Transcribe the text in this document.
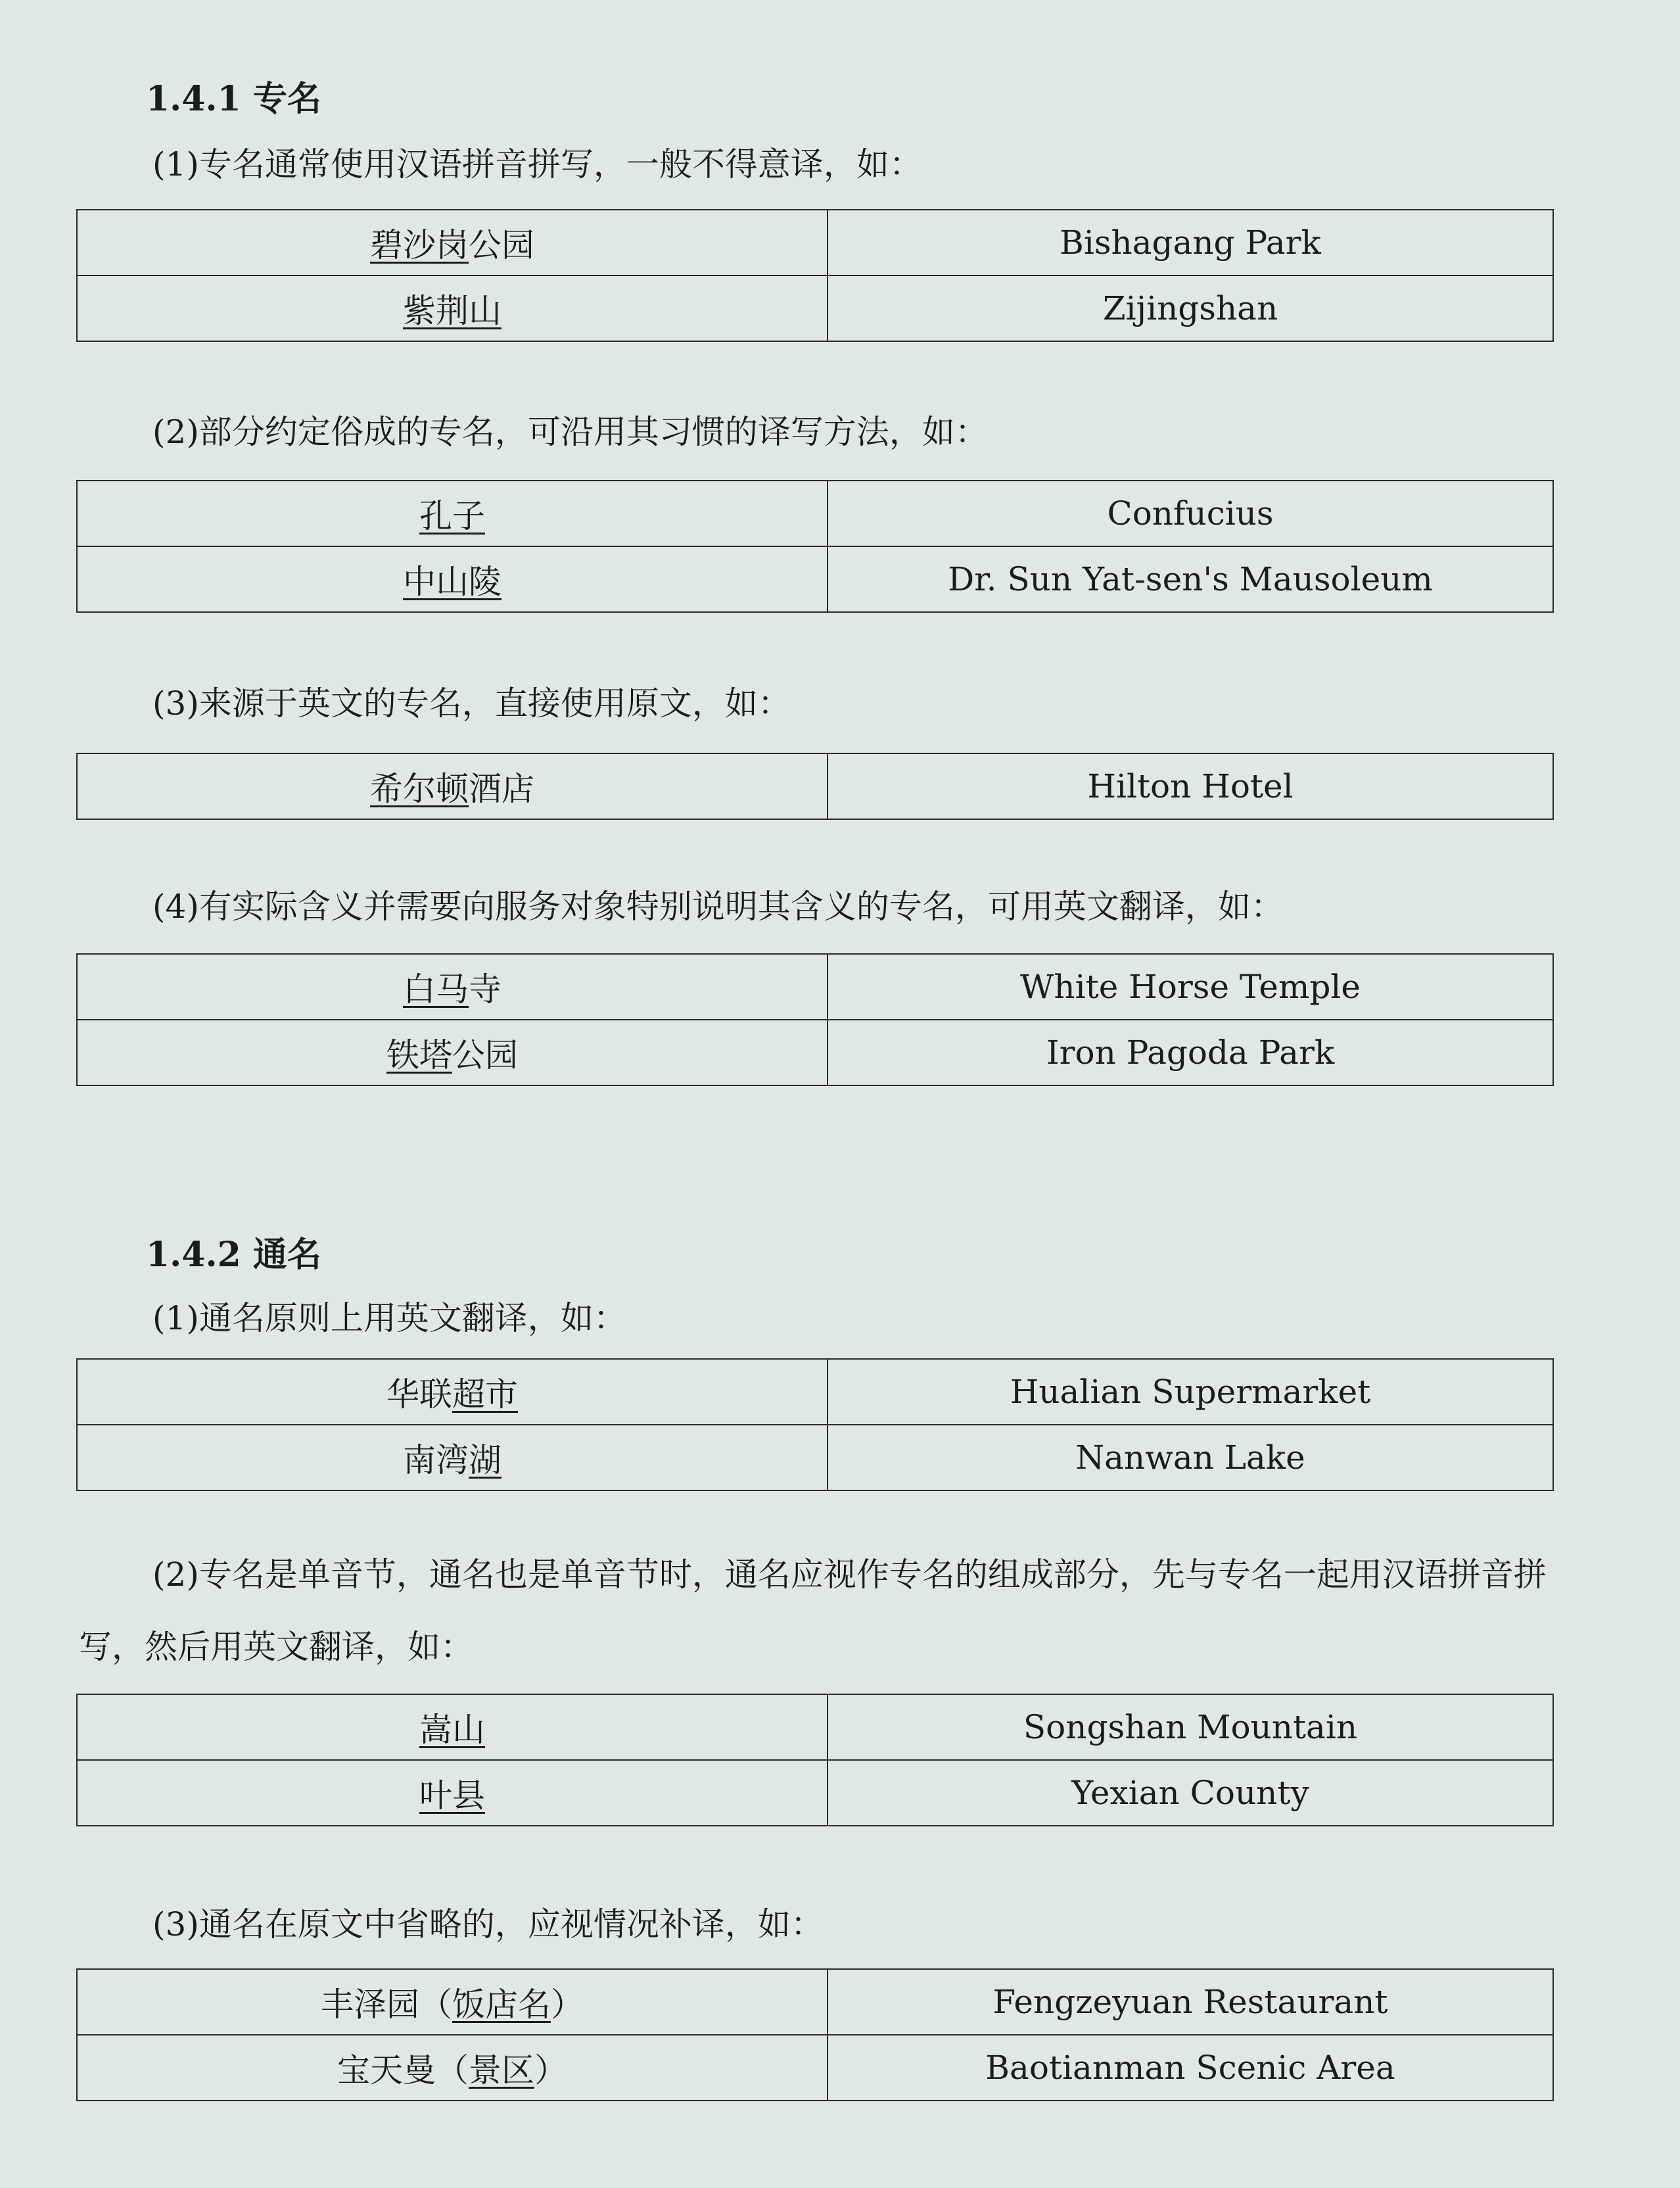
1.4.1 专名

(1)专名通常使用汉语拼音拼写，一般不得意译，如：

碧沙岗公园	Bishagang Park
紫荆山	Zijingshan

(2)部分约定俗成的专名，可沿用其习惯的译写方法，如：

孔子	Confucius
中山陵	Dr. Sun Yat-sen's Mausoleum

(3)来源于英文的专名，直接使用原文，如：

希尔顿酒店	Hilton Hotel

(4)有实际含义并需要向服务对象特别说明其含义的专名，可用英文翻译，如：

白马寺	White Horse Temple
铁塔公园	Iron Pagoda Park
1.4.2 通名

(1)通名原则上用英文翻译，如：

华联超市	Hualian Supermarket
南湾湖	Nanwan Lake

(2)专名是单音节，通名也是单音节时，通名应视作专名的组成部分，先与专名一起用汉语拼音拼写，然后用英文翻译，如：

嵩山	Songshan Mountain
叶县	Yexian County

(3)通名在原文中省略的，应视情况补译，如：

丰泽园（饭店名）	Fengzeyuan Restaurant
宝天曼（景区）	Baotianman Scenic Area
